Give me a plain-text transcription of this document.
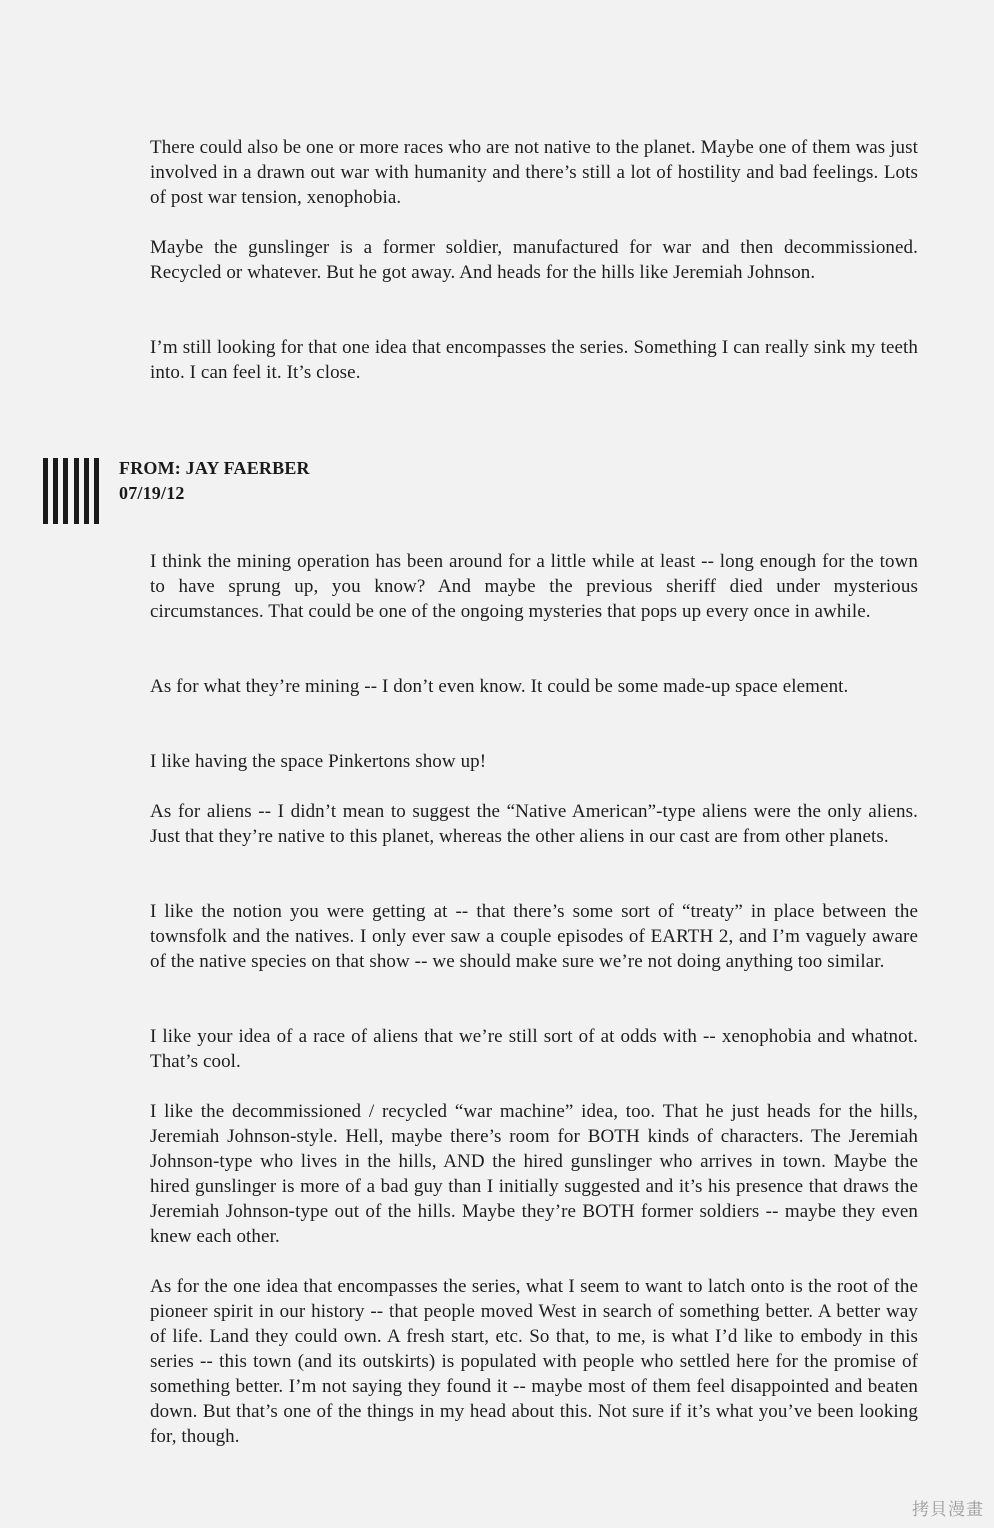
There could also be one or more races who are not native to the planet. Maybe one of them was just involved in a drawn out war with humanity and there’s still a lot of hostility and bad feelings. Lots of post war tension, xenophobia.

Maybe the gunslinger is a former soldier, manufactured for war and then decommissioned. Recycled or whatever. But he got away. And heads for the hills like Jeremiah Johnson.

I’m still looking for that one idea that encompasses the series. Something I can really sink my teeth into. I can feel it. It’s close.

FROM: JAY FAERBER
07/19/12

I think the mining operation has been around for a little while at least -- long enough for the town to have sprung up, you know? And maybe the previous sheriff died under mysterious circumstances. That could be one of the ongoing mysteries that pops up every once in awhile.

As for what they’re mining -- I don’t even know. It could be some made-up space element.

I like having the space Pinkertons show up!

As for aliens -- I didn’t mean to suggest the “Native American”-type aliens were the only aliens. Just that they’re native to this planet, whereas the other aliens in our cast are from other planets.

I like the notion you were getting at -- that there’s some sort of “treaty” in place between the townsfolk and the natives. I only ever saw a couple episodes of EARTH 2, and I’m vaguely aware of the native species on that show -- we should make sure we’re not doing anything too similar.

I like your idea of a race of aliens that we’re still sort of at odds with -- xenophobia and whatnot. That’s cool.

I like the decommissioned / recycled “war machine” idea, too. That he just heads for the hills, Jeremiah Johnson-style. Hell, maybe there’s room for BOTH kinds of characters. The Jeremiah Johnson-type who lives in the hills, AND the hired gunslinger who arrives in town. Maybe the hired gunslinger is more of a bad guy than I initially suggested and it’s his presence that draws the Jeremiah Johnson-type out of the hills. Maybe they’re BOTH former soldiers -- maybe they even knew each other.

As for the one idea that encompasses the series, what I seem to want to latch onto is the root of the pioneer spirit in our history -- that people moved West in search of something better. A better way of life. Land they could own. A fresh start, etc. So that, to me, is what I’d like to embody in this series -- this town (and its outskirts) is populated with people who settled here for the promise of something better. I’m not saying they found it -- maybe most of them feel disappointed and beaten down. But that’s one of the things in my head about this. Not sure if it’s what you’ve been looking for, though.

拷貝漫畫
